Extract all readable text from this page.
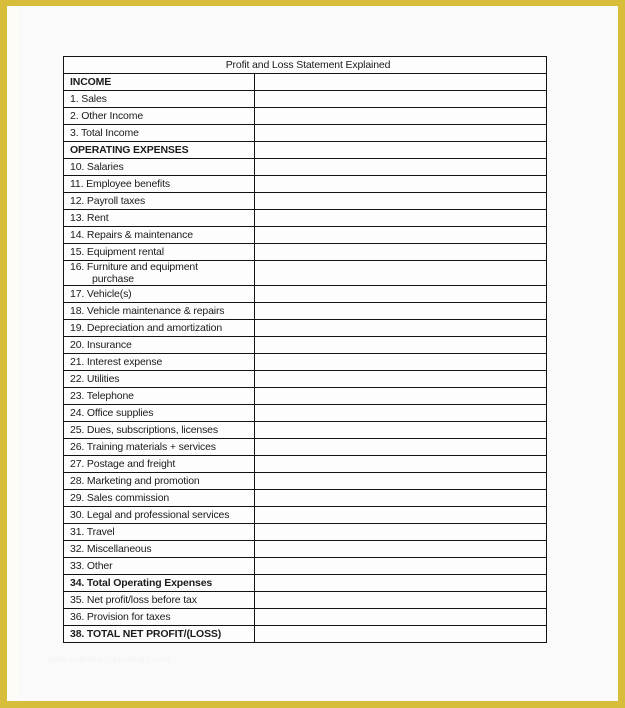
Profit and Loss Statement Explained	
INCOME	
1. Sales	
2. Other Income	
3. Total Income	
OPERATING EXPENSES	
10. Salaries	
11. Employee benefits	
12. Payroll taxes	
13. Rent	
14. Repairs & maintenance	
15. Equipment rental	
16. Furniture and equipment
purchase	

17. Vehicle(s)	
18. Vehicle maintenance & repairs	
19. Depreciation and amortization	
20. Insurance	
21. Interest expense	
22. Utilities	
23. Telephone	
24. Office supplies	
25. Dues, subscriptions, licenses	
26. Training materials + services	
27. Postage and freight	
28. Marketing and promotion	
29. Sales commission	
30. Legal and professional services	
31. Travel	
32. Miscellaneous	
33. Other	
34. Total Operating Expenses	
35. Net profit/loss before tax	
36. Provision for taxes	
38. TOTAL NET PROFIT/(LOSS)	
www.hotelsrem.prodiags.com
